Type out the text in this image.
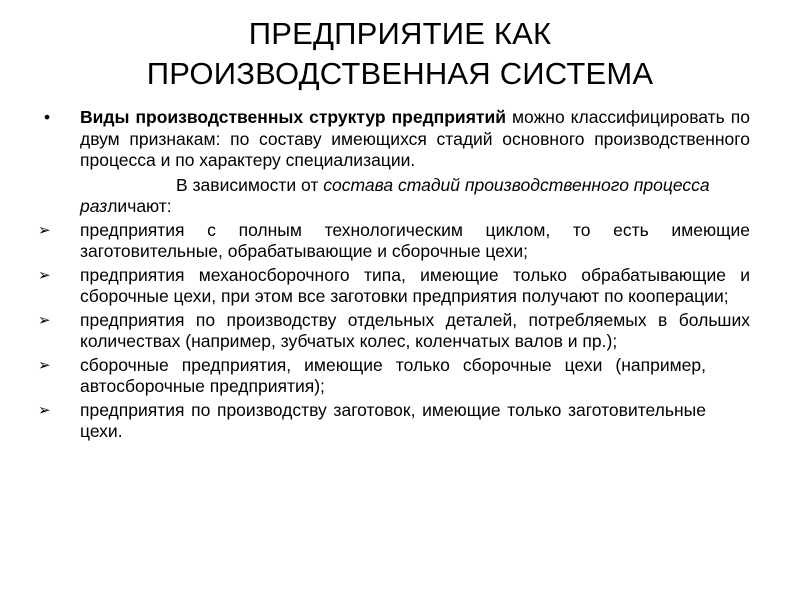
ПРЕДПРИЯТИЕ КАК
ПРОИЗВОДСТВЕННАЯ СИСТЕМА
• Виды производственных структур предприятий можно классифицировать по двум признакам: по составу имеющихся стадий основного производственного процесса и по характеру специализации.
В зависимости от состава стадий производственного процесса различают:
➢ предприятия с полным технологическим циклом, то есть имеющие заготовительные, обрабатывающие и сборочные цехи;
➢ предприятия механосборочного типа, имеющие только обрабатывающие и сборочные цехи, при этом все заготовки предприятия получают по кооперации;
➢ предприятия по производству отдельных деталей, потребляемых в больших количествах (например, зубчатых колес, коленчатых валов и пр.);
➢ сборочные предприятия, имеющие только сборочные цехи (например, автосборочные предприятия);
➢ предприятия по производству заготовок, имеющие только заготовительные цехи.
